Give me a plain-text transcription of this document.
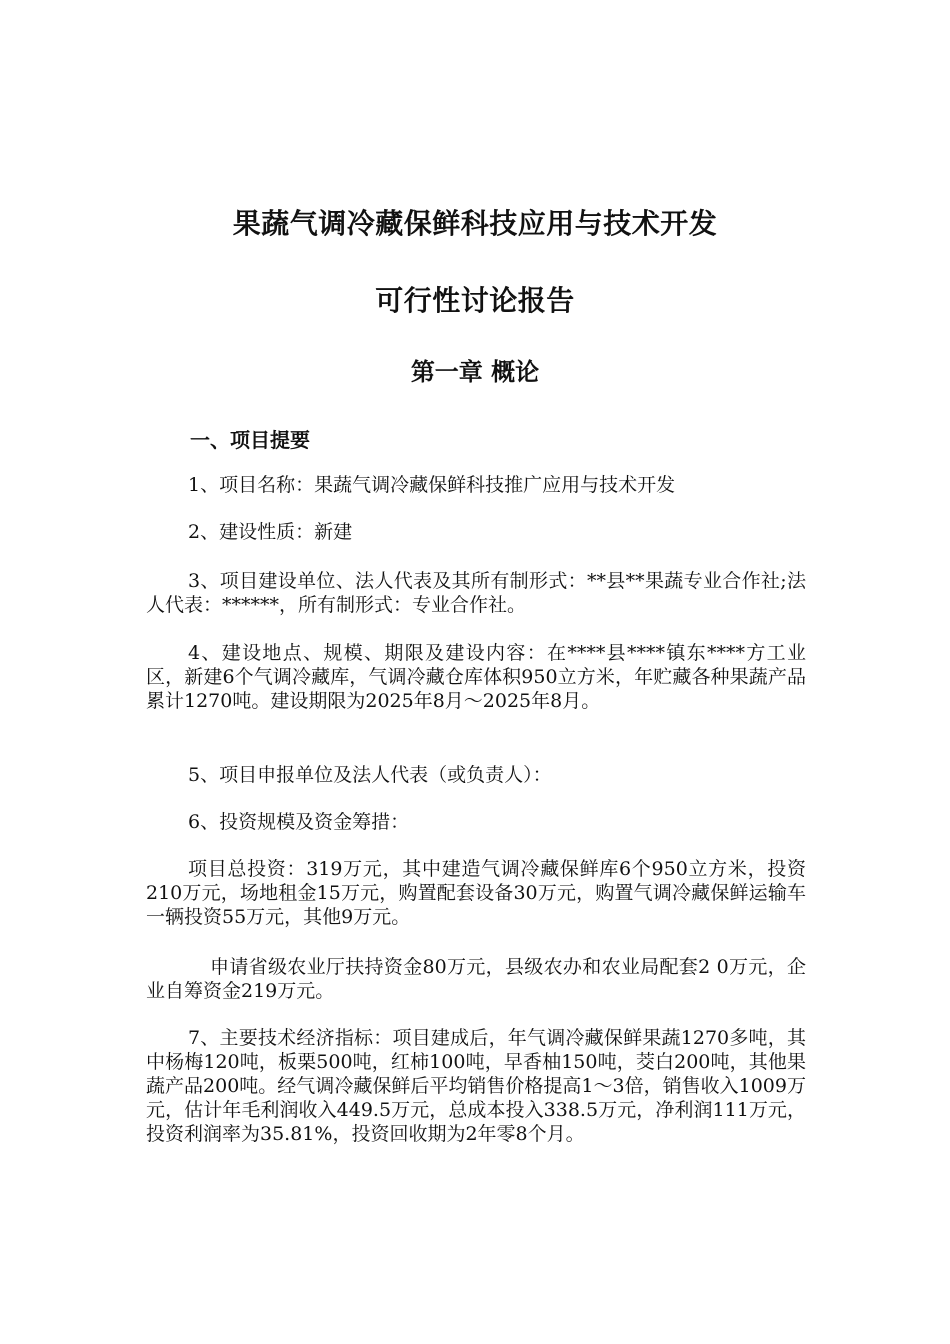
果蔬气调冷藏保鲜科技应用与技术开发
可行性讨论报告
第一章 概论
一、项目提要

1、项目名称：果蔬气调冷藏保鲜科技推广应用与技术开发

2、建设性质：新建

3、项目建设单位、法人代表及其所有制形式：**县**果蔬专业合作社;法人代表：******，所有制形式：专业合作社。

4、建设地点、规模、期限及建设内容：在****县****镇东****方工业区，新建6个气调冷藏库，气调冷藏仓库体积950立方米，年贮藏各种果蔬产品累计1270吨。建设期限为2025年8月～2025年8月。

5、项目申报单位及法人代表（或负责人）：

6、投资规模及资金筹措：

项目总投资：319万元，其中建造气调冷藏保鲜库6个950立方米，投资210万元，场地租金15万元，购置配套设备30万元，购置气调冷藏保鲜运输车一辆投资55万元，其他9万元。

申请省级农业厅扶持资金80万元，县级农办和农业局配套2 0万元，企业自筹资金219万元。

7、主要技术经济指标：项目建成后，年气调冷藏保鲜果蔬1270多吨，其中杨梅120吨，板栗500吨，红柿100吨，早香柚150吨，茭白200吨，其他果蔬产品200吨。经气调冷藏保鲜后平均销售价格提高1～3倍，销售收入1009万元，估计年毛利润收入449.5万元，总成本投入338.5万元，净利润111万元，投资利润率为35.81%，投资回收期为2年零8个月。
